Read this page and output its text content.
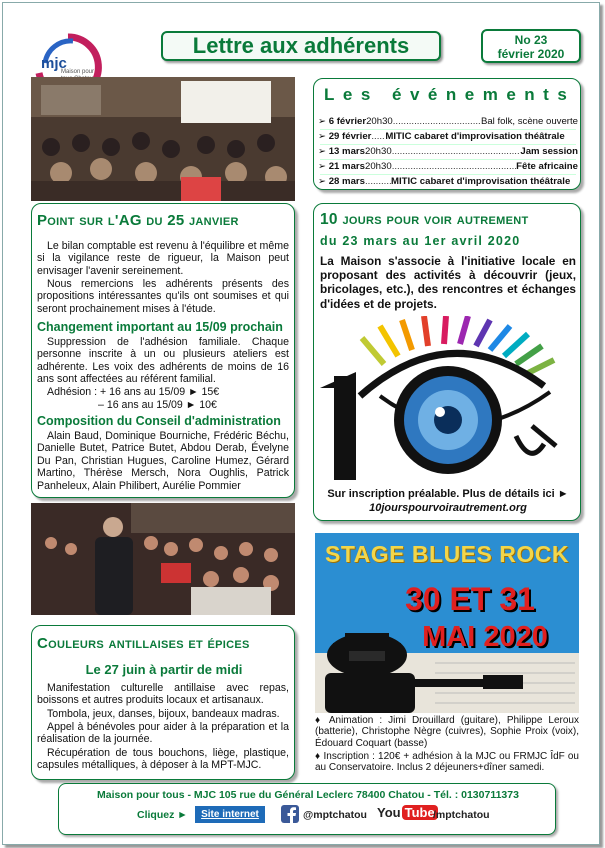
mjc
Maison pour
Lettre aux adhérents	No 23
février 2020
Point sur l'AG du 25 janvier
Le bilan comptable est revenu à l'équilibre et même si la vigilance reste de rigueur, la Maison peut envisager l'avenir sereinement.
Nous remercions les adhérents présents des propositions intéressantes qu'ils ont soumises et qui seront prochainement mises à l'étude.
Changement important au 15/09 prochain
Suppression de l'adhésion familiale. Chaque personne inscrite à un ou plusieurs ateliers est adhérente. Les voix des adhérents de moins de 16 ans sont affectées au référent familial.
Adhésion : + 16 ans au 15/09 ► 15€
– 16 ans au 15/09 ► 10€
Composition du Conseil d'administration
Alain Baud, Dominique Bourniche, Frédéric Béchu, Danielle Butet, Patrice Butet, Abdou Derab, Évelyne Du Pan, Christian Hugues, Caroline Humez, Gérard Martino, Thérèse Mersch, Nora Oughlis, Patrick Panheleux, Alain Philibert, Aurélie Pommier
Les événements
➢ 6 février 20h30 .....	Bal folk, scène ouverte
➢ 29 février ..... MITIC cabaret d'improvisation théâtrale
➢ 13 mars 20h30 .....	Jam session
➢ 21 mars 20h30 .....	Fête africaine
➢ 28 mars .....	MITIC cabaret d'improvisation théâtrale
10 jours pour voir autrement
du 23 mars au 1er avril 2020
La Maison s'associe à l'initiative locale en proposant des activités à découvrir (jeux, bricolages, etc.), des rencontres et échanges d'idées et de projets.
Sur inscription préalable. Plus de détails ici ►
10jourspourvoirautrement.org
STAGE BLUES ROCK
30 ET 31
MAI 2020
♦ Animation : Jimi Drouillard (guitare), Philippe Leroux (batterie), Christophe Nègre (cuivres), Sophie Proix (voix), Édouard Coquart (basse)
♦ Inscription : 120€ + adhésion à la MJC ou FRMJC ÎdF ou au Conservatoire. Inclus 2 déjeuners+dîner samedi.
Couleurs antillaises et épices
Le 27 juin à partir de midi
Manifestation culturelle antillaise avec repas, boissons et autres produits locaux et artisanaux.
Tombola, jeux, danses, bijoux, bandeaux madras.
Appel à bénévoles pour aider à la préparation et la réalisation de la journée.
Récupération de tous bouchons, liège, plastique, capsules métalliques, à déposer à la MPT-MJC.
Maison pour tous - MJC 105 rue du Général Leclerc 78400 Chatou - Tél. : 0130711373
Cliquez ►	Site internet	@mptchatou You Tube
/mptchatou
